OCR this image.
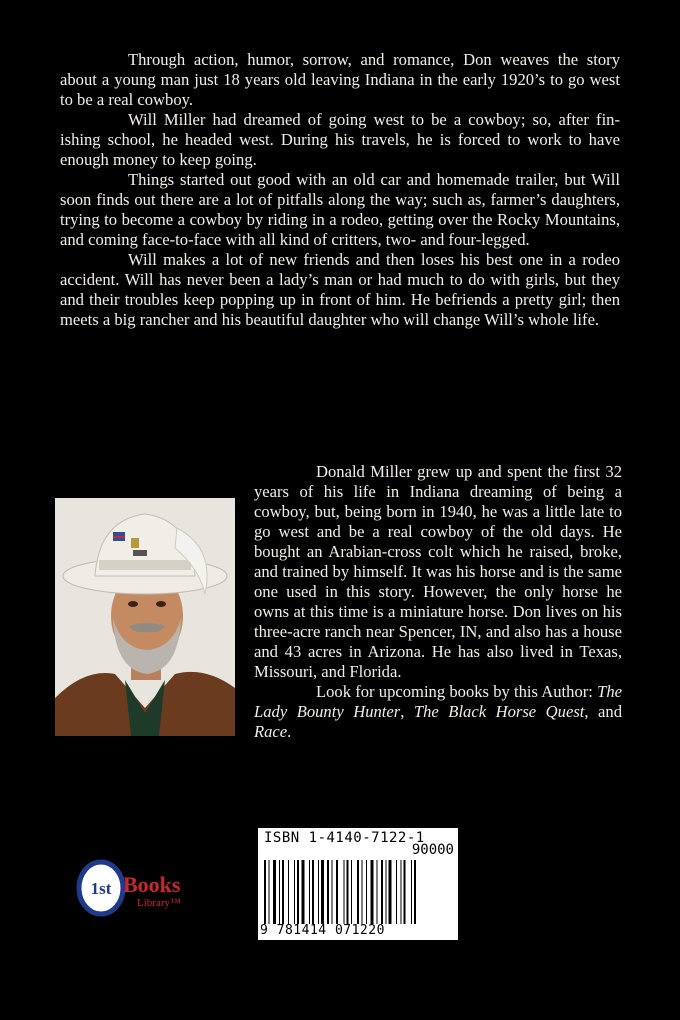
Through action, humor, sorrow, and romance, Don weaves the story about a young man just 18 years old leaving Indiana in the early 1920’s to go west to be a real cowboy.

Will Miller had dreamed of going west to be a cowboy; so, after fin-ishing school, he headed west. During his travels, he is forced to work to have enough money to keep going.

Things started out good with an old car and homemade trailer, but Will soon finds out there are a lot of pitfalls along the way; such as, farmer’s daughters, trying to become a cowboy by riding in a rodeo, getting over the Rocky Mountains, and coming face-to-face with all kind of critters, two- and four-legged.

Will makes a lot of new friends and then loses his best one in a rodeo accident. Will has never been a lady’s man or had much to do with girls, but they and their troubles keep popping up in front of him. He befriends a pretty girl; then meets a big rancher and his beautiful daughter who will change Will’s whole life.

Donald Miller grew up and spent the first 32 years of his life in Indiana dreaming of being a cowboy, but, being born in 1940, he was a little late to go west and be a real cowboy of the old days. He bought an Arabian-cross colt which he raised, broke, and trained by himself. It was his horse and is the same one used in this story. However, the only horse he owns at this time is a miniature horse. Don lives on his three-acre ranch near Spencer, IN, and also has a house and 43 acres in Arizona. He has also lived in Texas, Missouri, and Florida.

Look for upcoming books by this Author: The Lady Bounty Hunter, The Black Horse Quest, and Race.

1st Books
Library™
ISBN 1-4140-7122-1
90000
9 781414 071220
